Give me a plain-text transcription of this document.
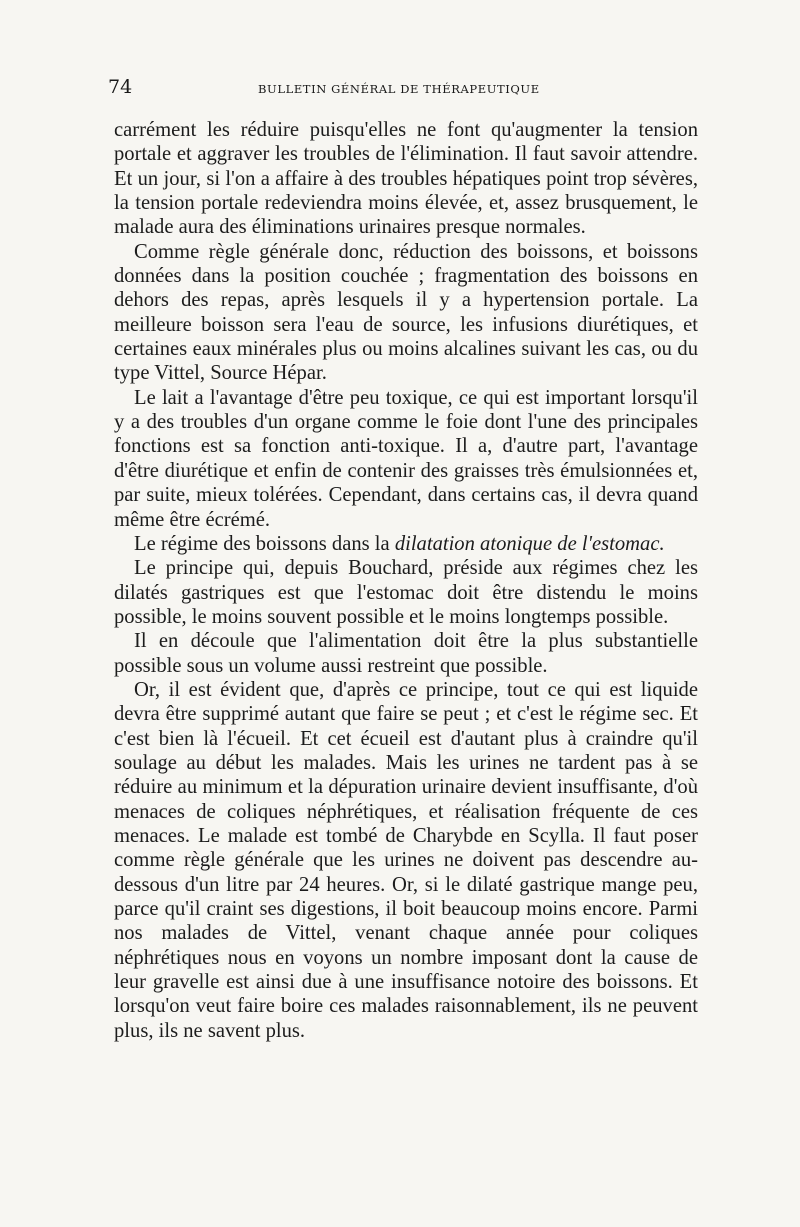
74	BULLETIN GÉNÉRAL DE THÉRAPEUTIQUE

carrément les réduire puisqu'elles ne font qu'augmenter la tension portale et aggraver les troubles de l'élimination. Il faut savoir attendre. Et un jour, si l'on a affaire à des troubles hépatiques point trop sévères, la tension portale redeviendra moins élevée, et, assez brusquement, le malade aura des éliminations urinaires presque normales.

Comme règle générale donc, réduction des boissons, et boissons données dans la position couchée ; fragmentation des boissons en dehors des repas, après lesquels il y a hypertension portale. La meilleure boisson sera l'eau de source, les infusions diurétiques, et certaines eaux minérales plus ou moins alcalines suivant les cas, ou du type Vittel, Source Hépar.

Le lait a l'avantage d'être peu toxique, ce qui est important lorsqu'il y a des troubles d'un organe comme le foie dont l'une des principales fonctions est sa fonction anti-toxique. Il a, d'autre part, l'avantage d'être diurétique et enfin de contenir des graisses très émulsionnées et, par suite, mieux tolérées. Cependant, dans certains cas, il devra quand même être écrémé.

Le régime des boissons dans la dilatation atonique de l'estomac.

Le principe qui, depuis Bouchard, préside aux régimes chez les dilatés gastriques est que l'estomac doit être distendu le moins possible, le moins souvent possible et le moins longtemps possible.

Il en découle que l'alimentation doit être la plus substantielle possible sous un volume aussi restreint que possible.

Or, il est évident que, d'après ce principe, tout ce qui est liquide devra être supprimé autant que faire se peut ; et c'est le régime sec. Et c'est bien là l'écueil. Et cet écueil est d'autant plus à craindre qu'il soulage au début les malades. Mais les urines ne tardent pas à se réduire au minimum et la dépuration urinaire devient insuffisante, d'où menaces de coliques néphrétiques, et réalisation fréquente de ces menaces. Le malade est tombé de Charybde en Scylla. Il faut poser comme règle générale que les urines ne doivent pas descendre au-dessous d'un litre par 24 heures. Or, si le dilaté gastrique mange peu, parce qu'il craint ses digestions, il boit beaucoup moins encore. Parmi nos malades de Vittel, venant chaque année pour coliques néphrétiques nous en voyons un nombre imposant dont la cause de leur gravelle est ainsi due à une insuffisance notoire des boissons. Et lorsqu'on veut faire boire ces malades raisonnablement, ils ne peuvent plus, ils ne savent plus.
